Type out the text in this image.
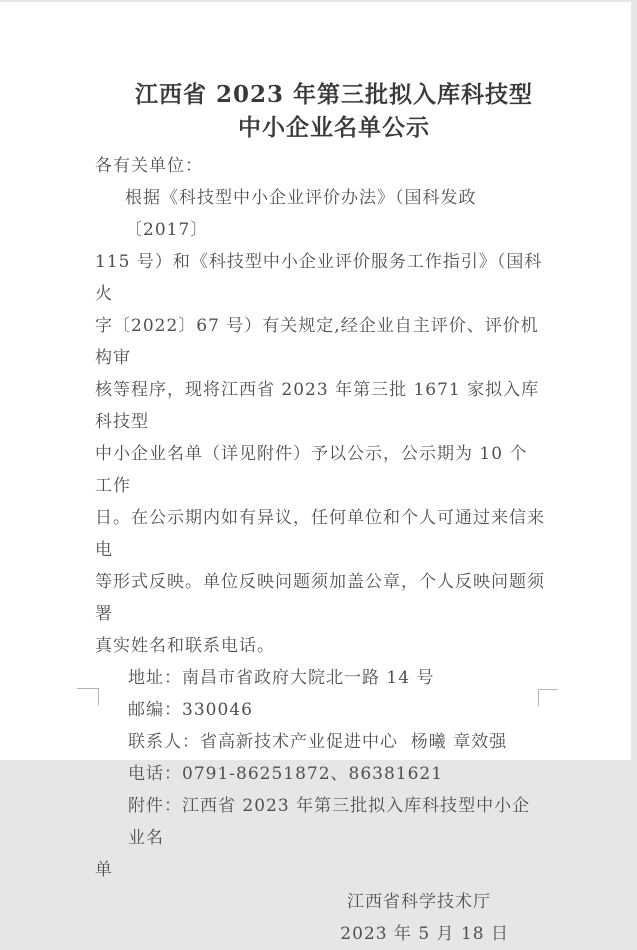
江西省 2023 年第三批拟入库科技型
中小企业名单公示
各有关单位：
根据《科技型中小企业评价办法》（国科发政〔2017〕
115 号）和《科技型中小企业评价服务工作指引》（国科火
字〔2022〕67 号）有关规定,经企业自主评价、评价机构审
核等程序，现将江西省 2023 年第三批 1671 家拟入库科技型
中小企业名单（详见附件）予以公示，公示期为 10 个工作
日。在公示期内如有异议，任何单位和个人可通过来信来电
等形式反映。单位反映问题须加盖公章，个人反映问题须署
真实姓名和联系电话。
地址：南昌市省政府大院北一路 14 号
邮编：330046
联系人：省高新技术产业促进中心  杨曦 章效强
电话：0791-86251872、86381621
附件：江西省 2023 年第三批拟入库科技型中小企业名
单
江西省科学技术厅
2023 年 5 月 18 日
